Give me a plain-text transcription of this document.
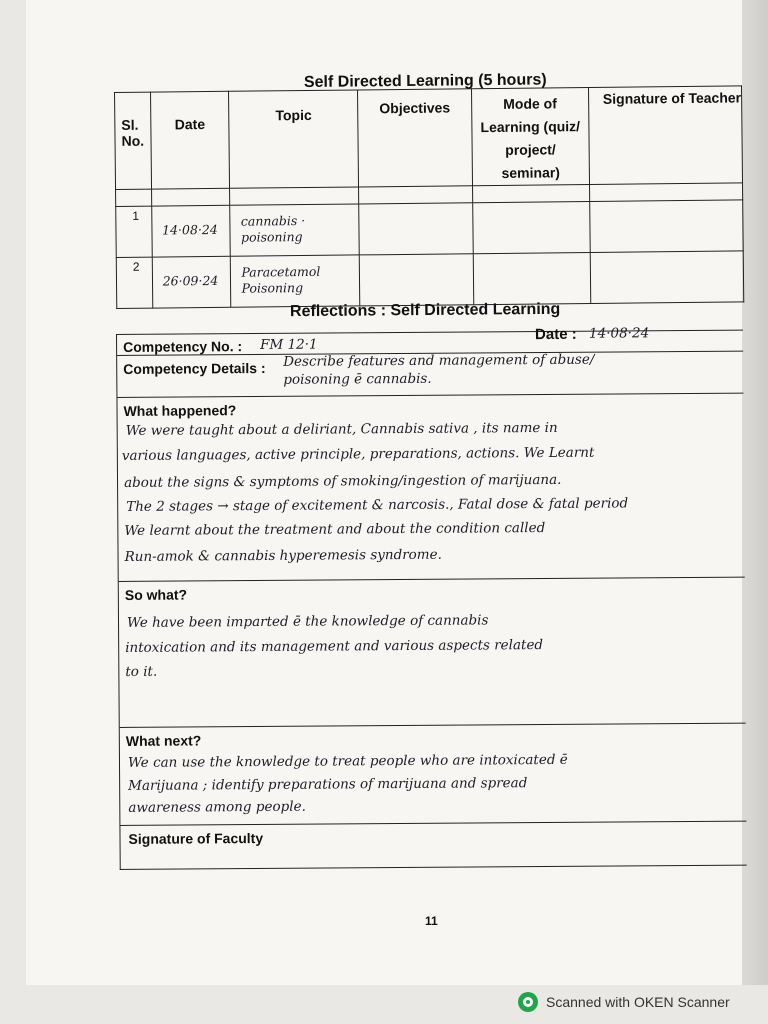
Self Directed Learning (5 hours)
Sl. No.	Date	Topic	Objectives	Mode of Learning (quiz/ project/ seminar)	Signature of Teacher

1	14·08·24	cannabis · poisoning			

2	26·09·24	Paracetamol Poisoning			

Reflections : Self Directed Learning
Competency No. : FM 12·1
Date : 14·08·24
Competency Details : Describe features and management of abuse/
poisoning ē cannabis.
What happened?
We were taught about a deliriant, Cannabis sativa , its name in
various languages, active principle, preparations, actions. We Learnt
about the signs & symptoms of smoking/ingestion of marijuana.
The 2 stages → stage of excitement & narcosis., Fatal dose & fatal period
We learnt about the treatment and about the condition called
Run-amok & cannabis hyperemesis syndrome.
So what?
We have been imparted ē the knowledge of cannabis
intoxication and its management and various aspects related
to it.
What next?
We can use the knowledge to treat people who are intoxicated ē
Marijuana ; identify preparations of marijuana and spread
awareness among people.
Signature of Faculty
11
Scanned with OKEN Scanner
